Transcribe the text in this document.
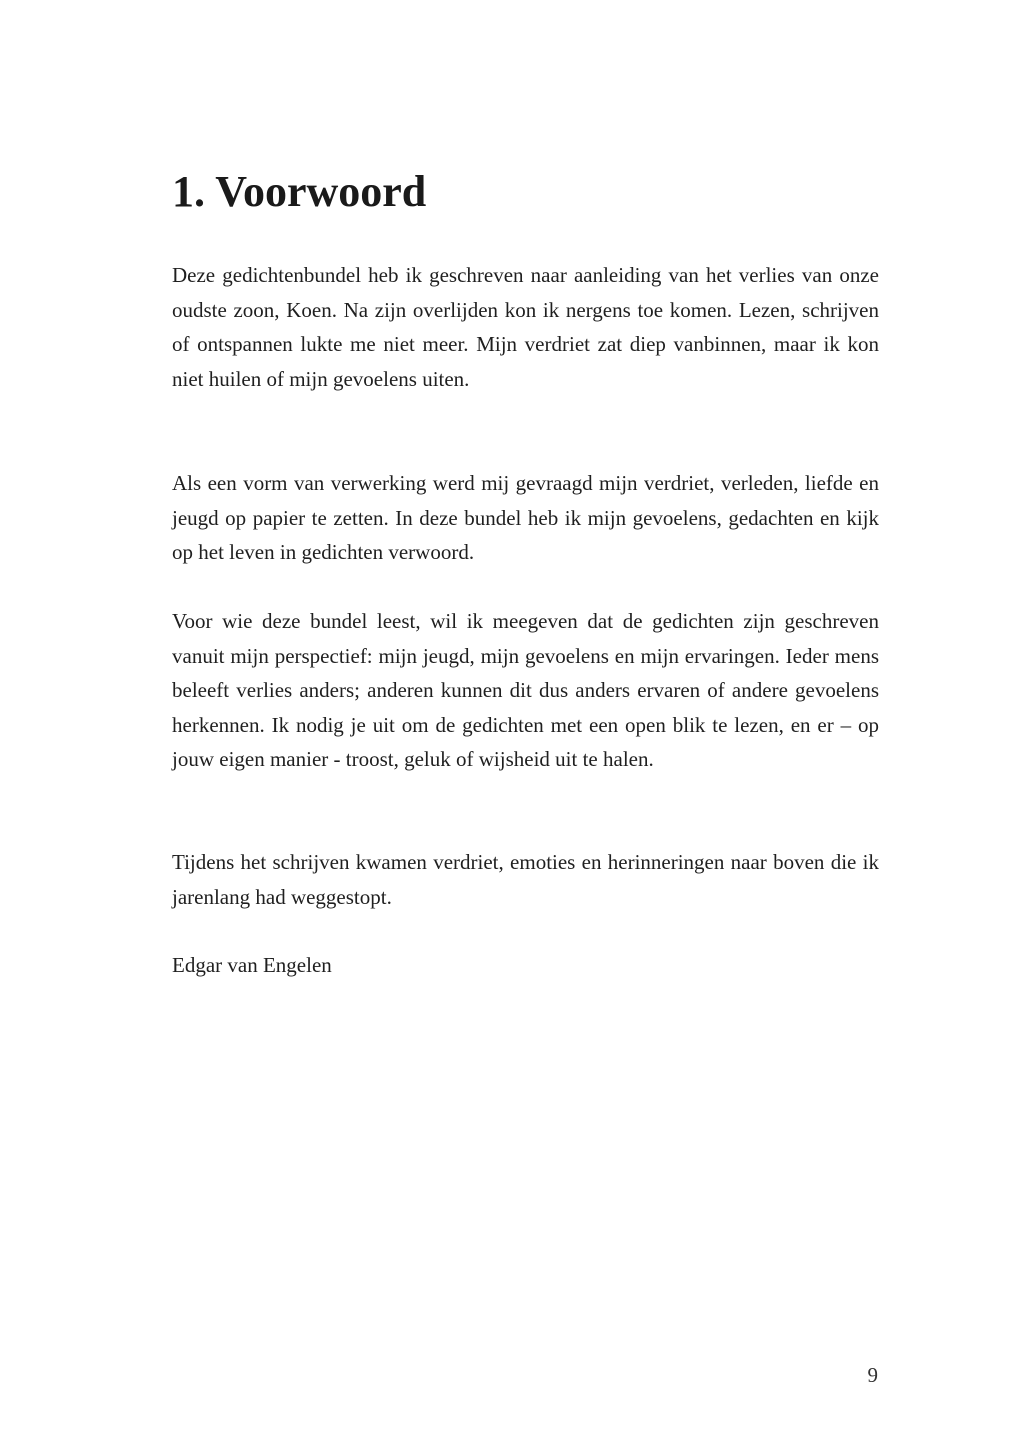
1. Voorwoord

Deze gedichtenbundel heb ik geschreven naar aanleiding van het verlies van onze oudste zoon, Koen. Na zijn overlijden kon ik nergens toe komen. Lezen, schrijven of ontspannen lukte me niet meer. Mijn verdriet zat diep vanbinnen, maar ik kon niet huilen of mijn gevoelens uiten.

Als een vorm van verwerking werd mij gevraagd mijn verdriet, verleden, liefde en jeugd op papier te zetten. In deze bundel heb ik mijn gevoelens, gedachten en kijk op het leven in gedichten verwoord.

Voor wie deze bundel leest, wil ik meegeven dat de gedichten zijn geschreven vanuit mijn perspectief: mijn jeugd, mijn gevoelens en mijn ervaringen. Ieder mens beleeft verlies anders; anderen kunnen dit dus anders ervaren of andere gevoelens herkennen. Ik nodig je uit om de gedichten met een open blik te lezen, en er – op jouw eigen manier - troost, geluk of wijsheid uit te halen.

Tijdens het schrijven kwamen verdriet, emoties en herinneringen naar boven die ik jarenlang had weggestopt.

Edgar van Engelen

9
